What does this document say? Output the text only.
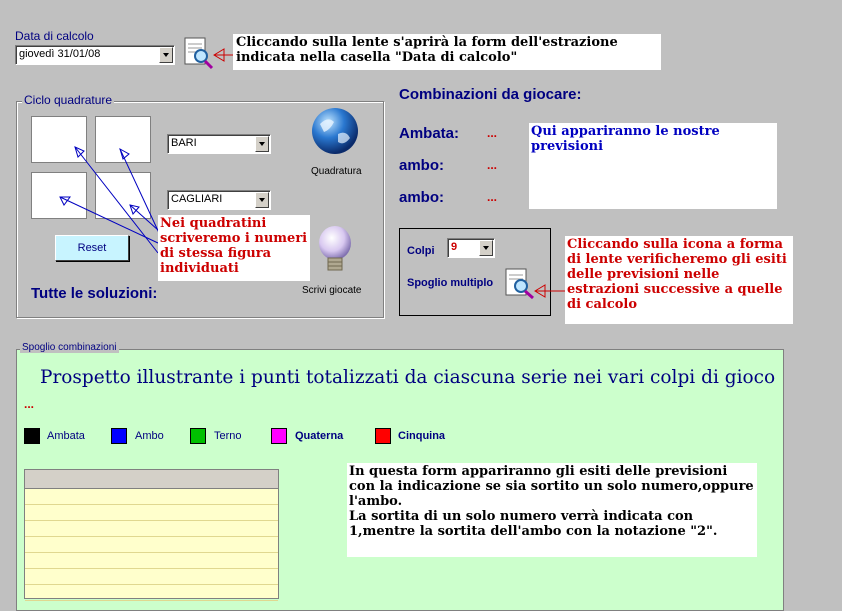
Data di calcolo
giovedì 31/01/08
Cliccando sulla lente s'aprirà la form dell'estrazione indicata nella casella "Data di calcolo"
Ciclo quadrature
BARI
CAGLIARI
Quadratura
Scrivi giocate
Reset
Tutte le soluzioni:
Nei quadratini scriveremo i numeri di stessa figura individuati
Combinazioni da giocare:
Ambata: ...
ambo:	...
ambo:	...
Qui appariranno le nostre previsioni
Colpi 9
Spoglio multiplo
Cliccando sulla icona a forma di lente verificheremo gli esiti delle previsioni nelle estrazioni successive a quelle di calcolo
Spoglio combinazioni
Prospetto illustrante i punti totalizzati da ciascuna serie nei vari colpi di gioco
...
Ambata	Ambo	Terno	Quaterna	Cinquina
In questa form appariranno gli esiti delle previsioni con la indicazione se sia sortito un solo numero,oppure l'ambo.
La sortita di un solo numero verrà indicata con 1,mentre la sortita dell'ambo con la notazione "2".
